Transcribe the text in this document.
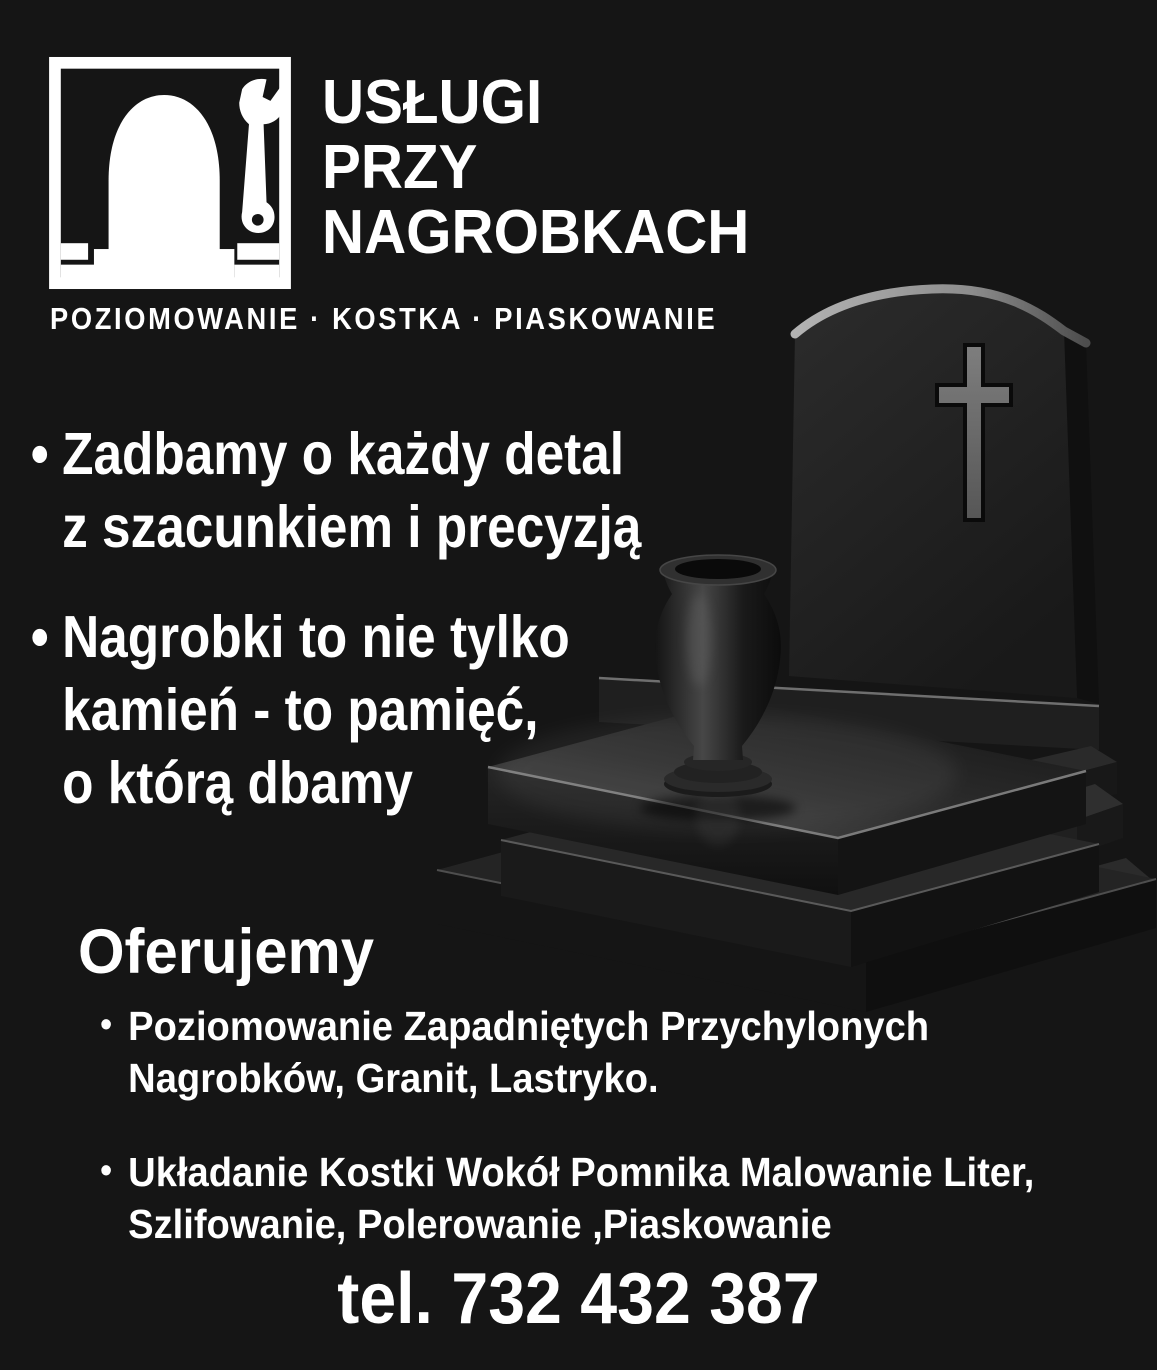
USŁUGI
PRZY
NAGROBKACH
POZIOMOWANIE · KOSTKA · PIASKOWANIE
• Zadbamy o każdy detal
z szacunkiem i precyzją
• Nagrobki to nie tylko
kamień - to pamięć,
o którą dbamy
Oferujemy
• Poziomowanie Zapadniętych Przychylonych
Nagrobków, Granit, Lastryko.
• Układanie Kostki Wokół Pomnika Malowanie Liter,
Szlifowanie, Polerowanie ,Piaskowanie
tel. 732 432 387
